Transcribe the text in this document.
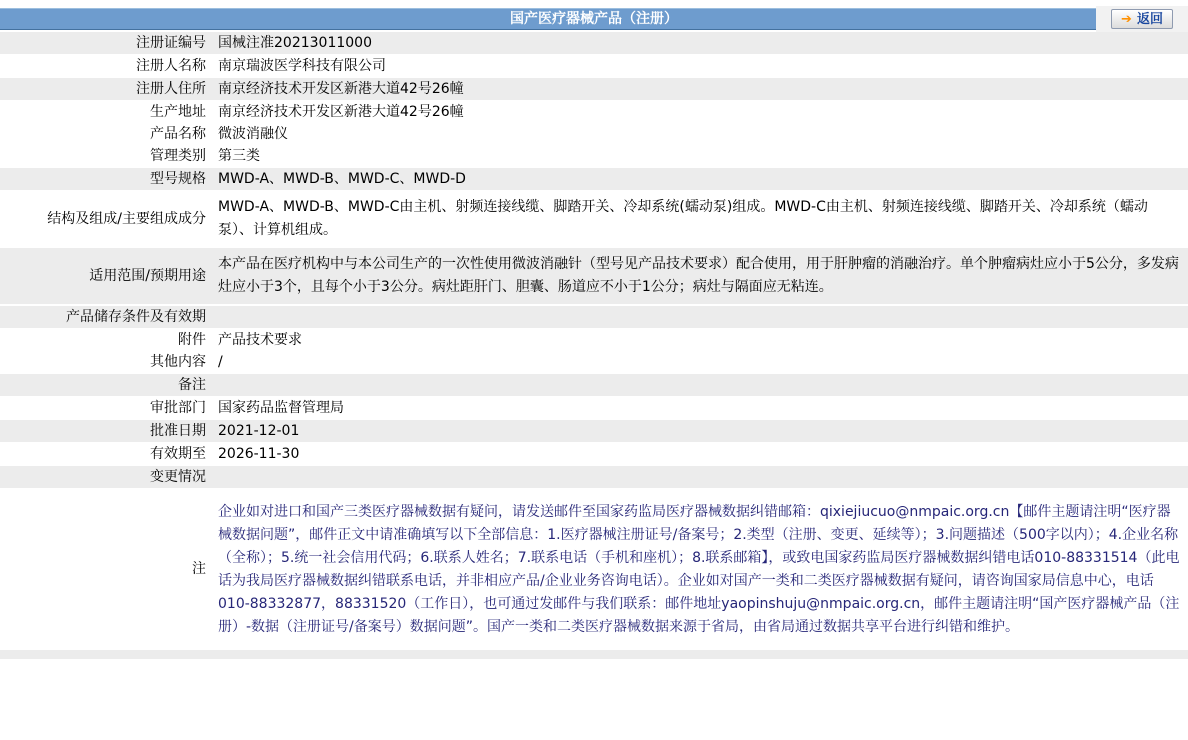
国产医疗器械产品（注册）	➔ 返回
注册证编号 国械注准20213011000
注册人名称 南京瑞波医学科技有限公司
注册人住所 南京经济技术开发区新港大道42号26幢
生产地址 南京经济技术开发区新港大道42号26幢
产品名称 微波消融仪
管理类别 第三类
型号规格 MWD-A、MWD-B、MWD-C、MWD-D
结构及组成/主要组成成分
MWD-A、MWD-B、MWD-C由主机、射频连接线缆、脚踏开关、冷却系统(蠕动泵)组成。MWD-C由主机、射频连接线缆、脚踏开关、冷却系统（蠕动泵）、计算机组成。
适用范围/预期用途
本产品在医疗机构中与本公司生产的一次性使用微波消融针（型号见产品技术要求）配合使用，用于肝肿瘤的消融治疗。单个肿瘤病灶应小于5公分，多发病灶应小于3个，且每个小于3公分。病灶距肝门、胆囊、肠道应不小于1公分；病灶与隔面应无粘连。
产品储存条件及有效期
附件 产品技术要求
其他内容 /
备注
审批部门 国家药品监督管理局
批准日期 2021-12-01
有效期至 2026-11-30
变更情况
注
企业如对进口和国产三类医疗器械数据有疑问，请发送邮件至国家药监局医疗器械数据纠错邮箱：qixiejiucuo@nmpaic.org.cn【邮件主题请注明“医疗器械数据问题”，邮件正文中请准确填写以下全部信息：1.医疗器械注册证号/备案号；2.类型（注册、变更、延续等）；3.问题描述（500字以内）；4.企业名称（全称）；5.统一社会信用代码；6.联系人姓名；7.联系电话（手机和座机）；8.联系邮箱】，或致电国家药监局医疗器械数据纠错电话010-88331514（此电话为我局医疗器械数据纠错联系电话，并非相应产品/企业业务咨询电话）。企业如对国产一类和二类医疗器械数据有疑问，请咨询国家局信息中心，电话010-88332877，88331520（工作日），也可通过发邮件与我们联系：邮件地址yaopinshuju@nmpaic.org.cn，邮件主题请注明“国产医疗器械产品（注册）-数据（注册证号/备案号）数据问题”。国产一类和二类医疗器械数据来源于省局，由省局通过数据共享平台进行纠错和维护。
